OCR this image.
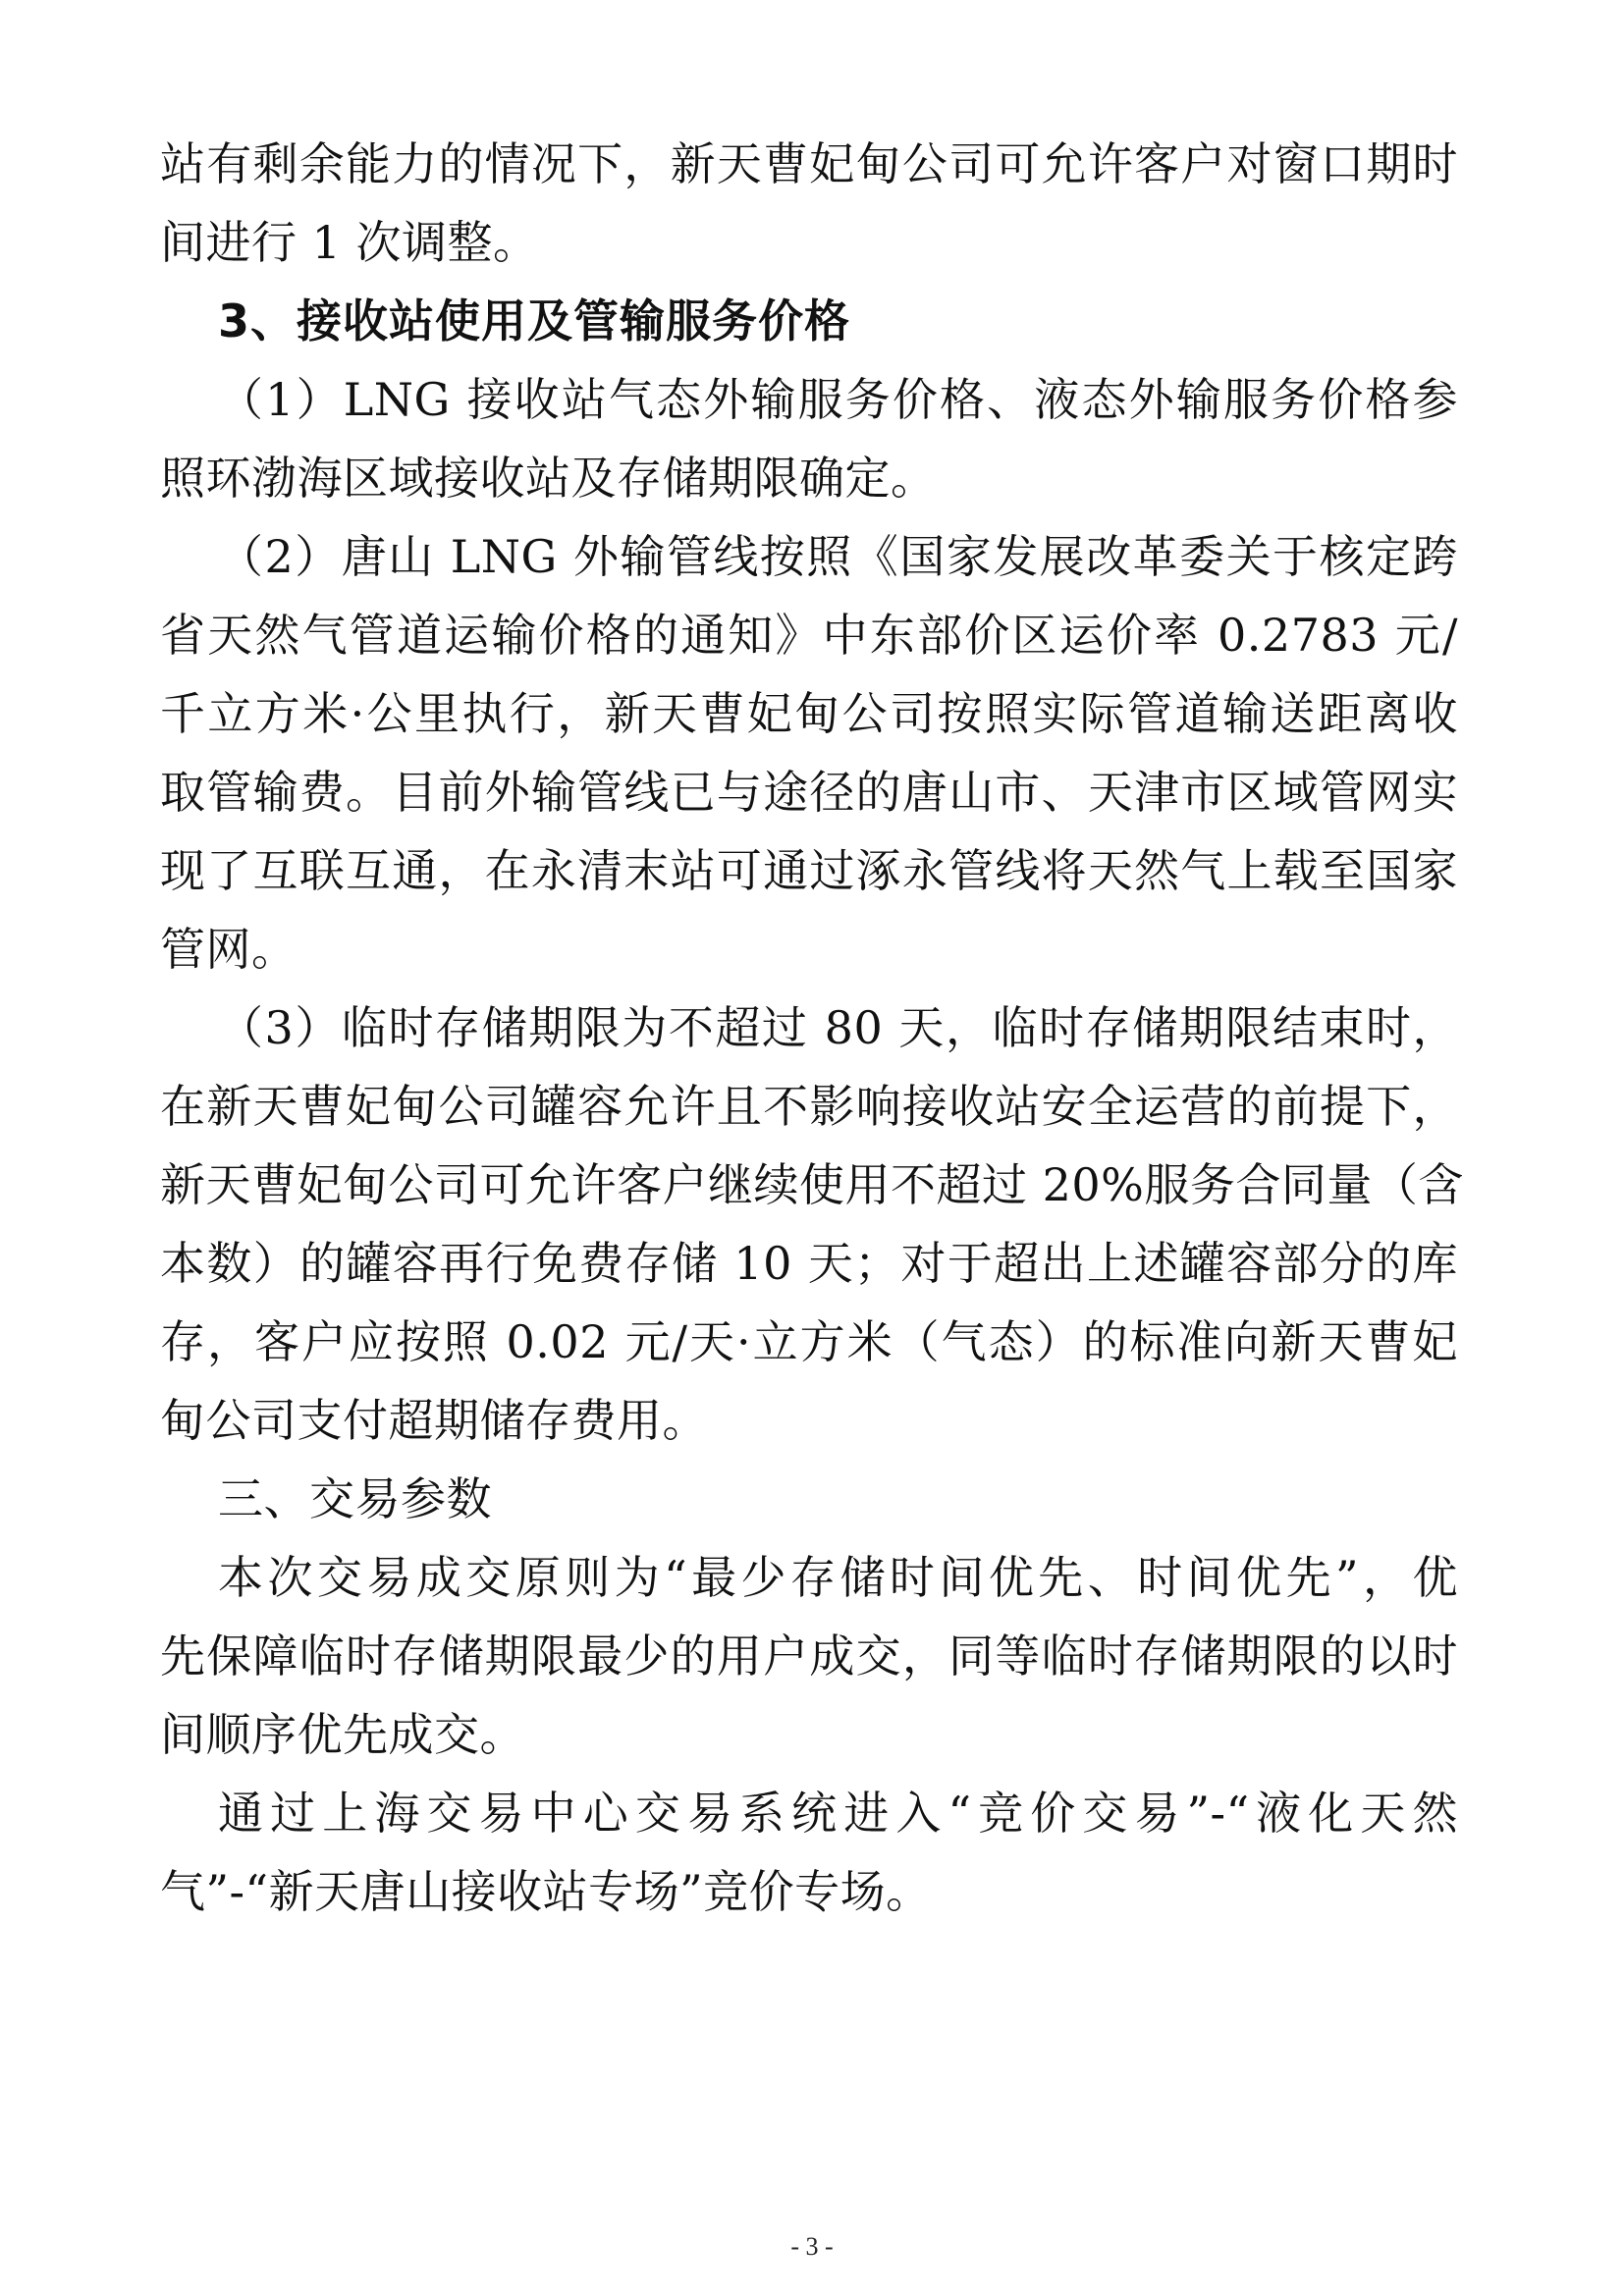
站有剩余能力的情况下，新天曹妃甸公司可允许客户对窗口期时
间进行 1 次调整。
3、接收站使用及管输服务价格
（1）LNG 接收站气态外输服务价格、液态外输服务价格参
照环渤海区域接收站及存储期限确定。
（2）唐山 LNG 外输管线按照《国家发展改革委关于核定跨
省天然气管道运输价格的通知》中东部价区运价率 0.2783 元/
千立方米·公里执行，新天曹妃甸公司按照实际管道输送距离收
取管输费。目前外输管线已与途径的唐山市、天津市区域管网实
现了互联互通，在永清末站可通过涿永管线将天然气上载至国家
管网。
（3）临时存储期限为不超过 80 天，临时存储期限结束时，
在新天曹妃甸公司罐容允许且不影响接收站安全运营的前提下，
新天曹妃甸公司可允许客户继续使用不超过 20%服务合同量（含
本数）的罐容再行免费存储 10 天；对于超出上述罐容部分的库
存，客户应按照 0.02 元/天·立方米（气态）的标准向新天曹妃
甸公司支付超期储存费用。
三、交易参数
本次交易成交原则为“最少存储时间优先、时间优先”，优
先保障临时存储期限最少的用户成交，同等临时存储期限的以时
间顺序优先成交。
通过上海交易中心交易系统进入“竞价交易”-“液化天然
气”-“新天唐山接收站专场”竞价专场。
- 3 -
